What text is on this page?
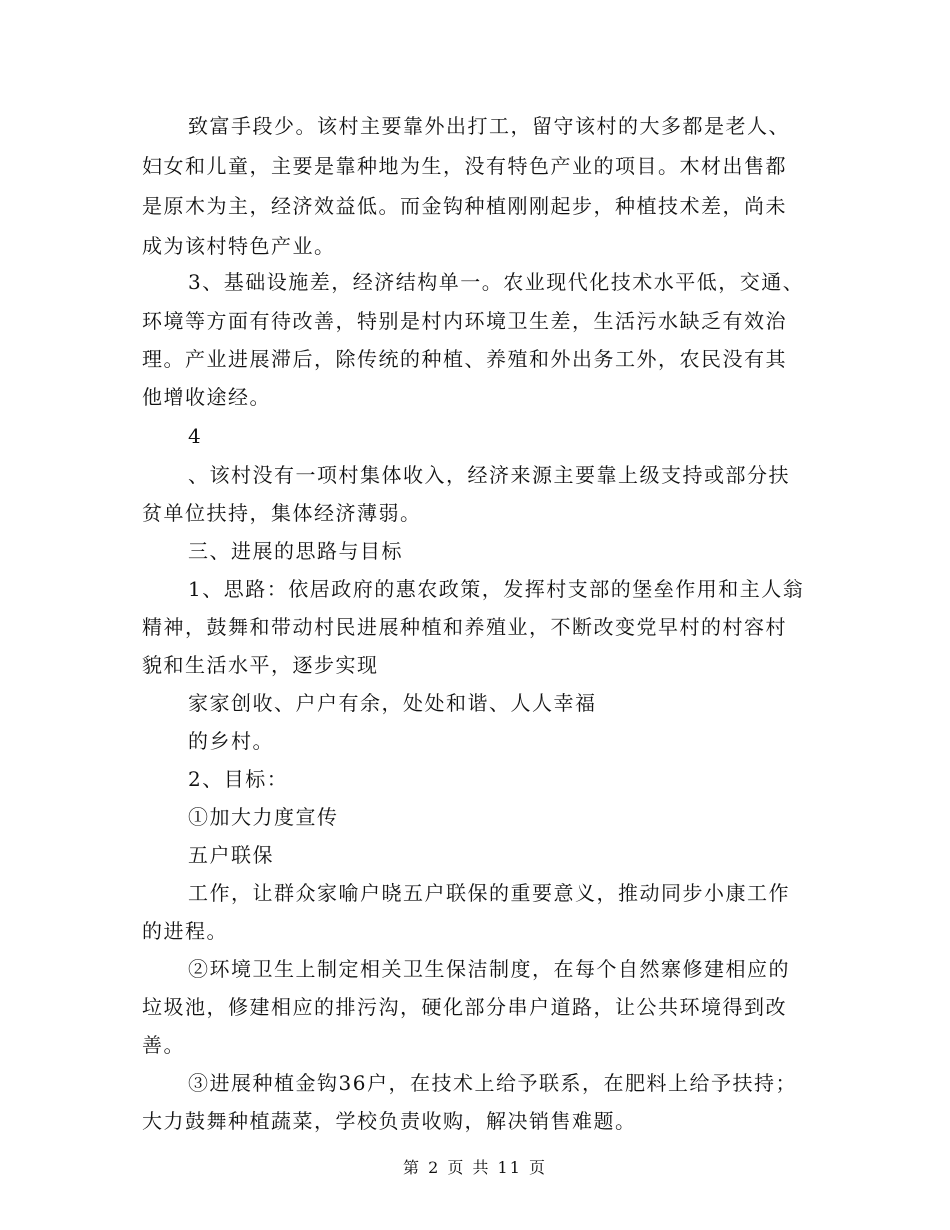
致富手段少。该村主要靠外出打工，留守该村的大多都是老人、
妇女和儿童，主要是靠种地为生，没有特色产业的项目。木材出售都
是原木为主，经济效益低。而金钩种植刚刚起步，种植技术差，尚未
成为该村特色产业。
3、基础设施差，经济结构单一。农业现代化技术水平低，交通、
环境等方面有待改善，特别是村内环境卫生差，生活污水缺乏有效治
理。产业进展滞后，除传统的种植、养殖和外出务工外，农民没有其
他增收途经。
4
、该村没有一项村集体收入，经济来源主要靠上级支持或部分扶
贫单位扶持，集体经济薄弱。
三、进展的思路与目标
1、思路：依居政府的惠农政策，发挥村支部的堡垒作用和主人翁
精神，鼓舞和带动村民进展种植和养殖业，不断改变党早村的村容村
貌和生活水平，逐步实现
家家创收、户户有余，处处和谐、人人幸福
的乡村。
2、目标：
①加大力度宣传
五户联保
工作，让群众家喻户晓五户联保的重要意义，推动同步小康工作
的进程。
②环境卫生上制定相关卫生保洁制度，在每个自然寨修建相应的
垃圾池，修建相应的排污沟，硬化部分串户道路，让公共环境得到改
善。
③进展种植金钩36户，在技术上给予联系，在肥料上给予扶持；
大力鼓舞种植蔬菜，学校负责收购，解决销售难题。
第 2 页 共 11 页
